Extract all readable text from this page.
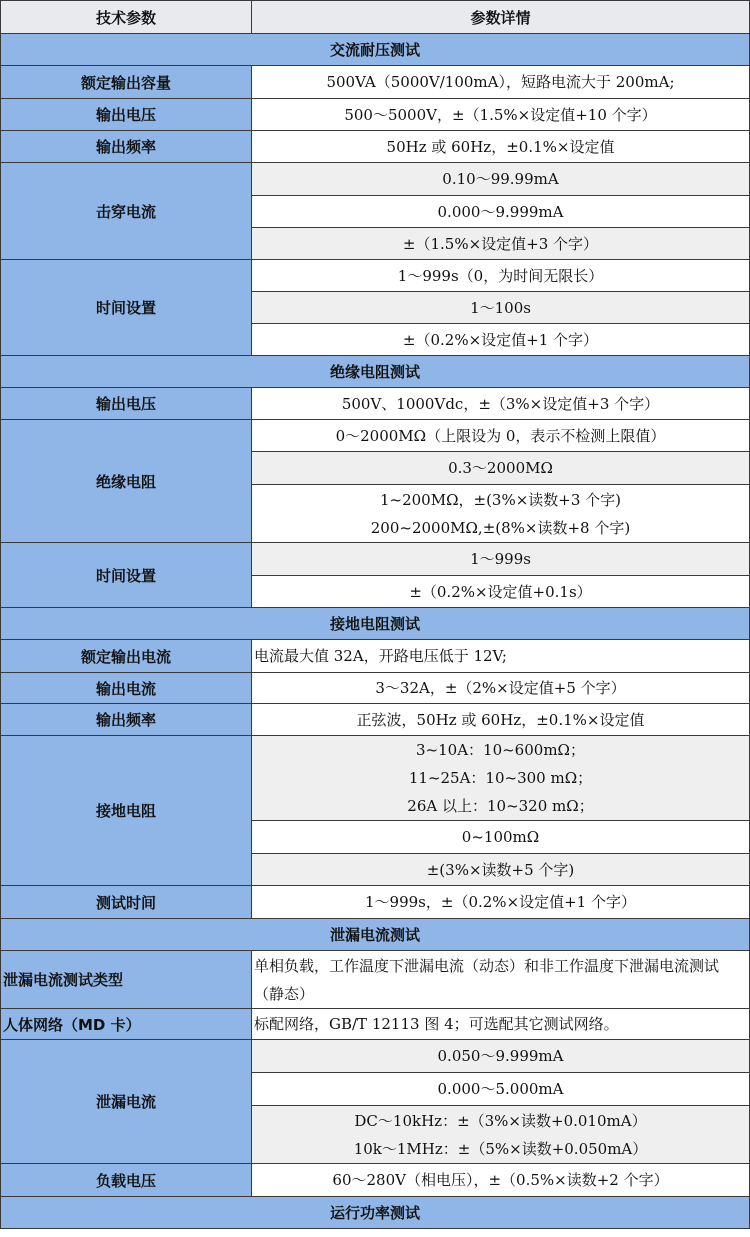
技术参数	参数详情
交流耐压测试	
额定输出容量	500VA（5000V/100mA），短路电流大于 200mA;
输出电压	500～5000V，±（1.5%×设定值+10 个字）
输出频率	50Hz 或 60Hz，±0.1%×设定值
击穿电流	0.10～99.99mA
	0.000～9.999mA
	±（1.5%×设定值+3 个字）
时间设置	1～999s（0，为时间无限长）
	1～100s
	±（0.2%×设定值+1 个字）
绝缘电阻测试	
输出电压	500V、1000Vdc，±（3%×设定值+3 个字）
绝缘电阻	0～2000MΩ（上限设为 0，表示不检测上限值）
	0.3～2000MΩ
	1~200MΩ，±(3%×读数+3 个字)
200~2000MΩ,±(8%×读数+8 个字)
时间设置	1～999s
	±（0.2%×设定值+0.1s）
接地电阻测试	
额定输出电流	电流最大值 32A，开路电压低于 12V;
输出电流	3～32A，±（2%×设定值+5 个字）
输出频率	正弦波，50Hz 或 60Hz，±0.1%×设定值
接地电阻	3~10A：10~600mΩ；
11~25A：10~300 mΩ；
26A 以上：10~320 mΩ；
	0~100mΩ
	±(3%×读数+5 个字)
测试时间	1～999s，±（0.2%×设定值+1 个字）
泄漏电流测试	
泄漏电流测试类型	单相负载，工作温度下泄漏电流（动态）和非工作温度下泄漏电流测试（静态）
人体网络（MD 卡）	标配网络，GB/T 12113 图 4；可选配其它测试网络。
泄漏电流	0.050～9.999mA
	0.000～5.000mA
	DC～10kHz：±（3%×读数+0.010mA）
10k～1MHz：±（5%×读数+0.050mA）
负载电压	60～280V（相电压），±（0.5%×读数+2 个字）
运行功率测试	
